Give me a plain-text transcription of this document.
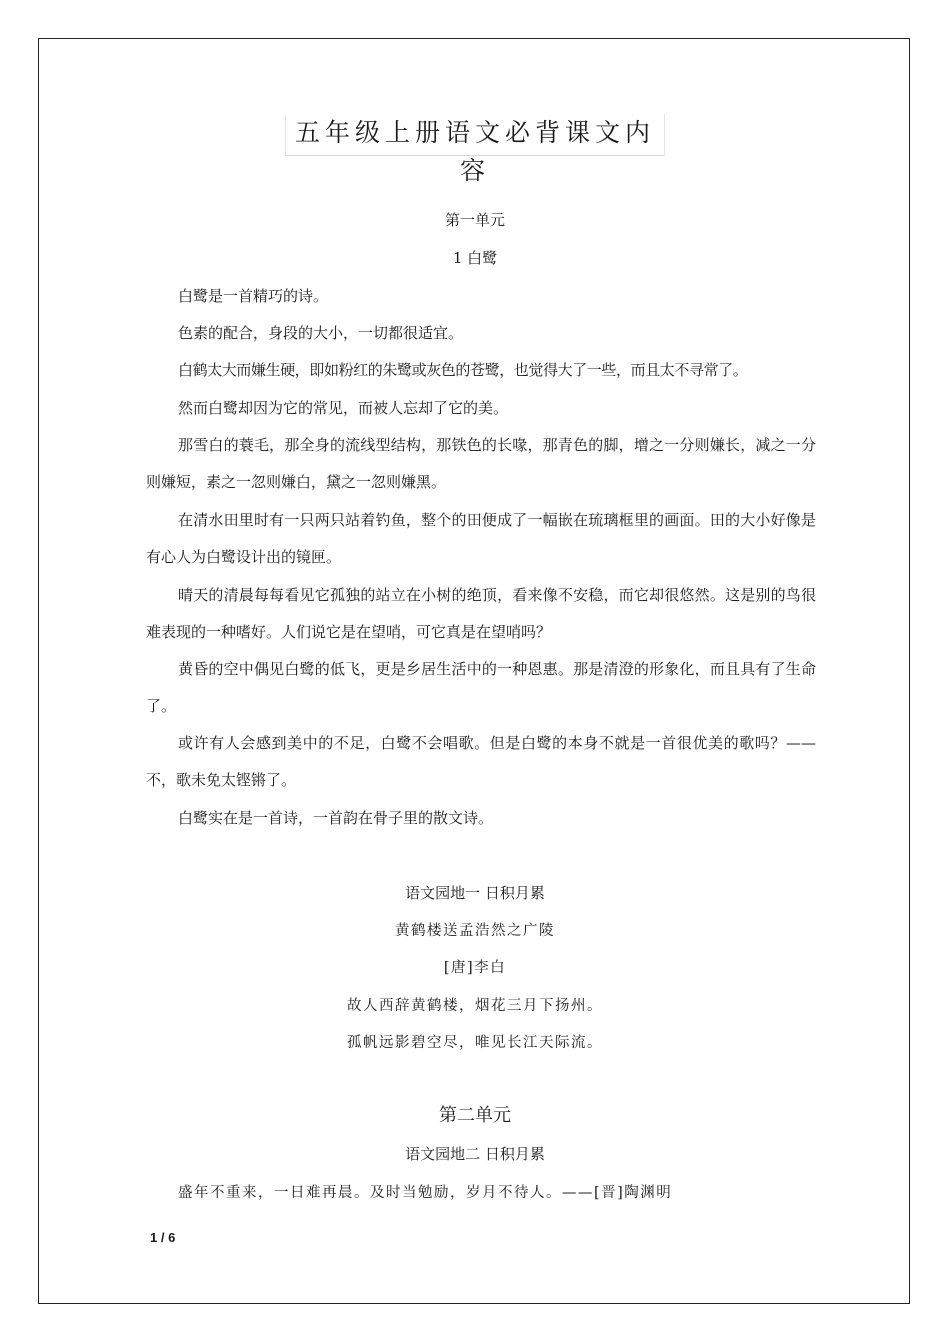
五年级上册语文必背课文内容
第一单元
1 白鹭

白鹭是一首精巧的诗。

色素的配合，身段的大小，一切都很适宜。

白鹤太大而嫌生硬，即如粉红的朱鹭或灰色的苍鹭，也觉得大了一些，而且太不寻常了。

然而白鹭却因为它的常见，而被人忘却了它的美。

那雪白的蓑毛，那全身的流线型结构，那铁色的长喙，那青色的脚，增之一分则嫌长，减之一分则嫌短，素之一忽则嫌白，黛之一忽则嫌黑。

在清水田里时有一只两只站着钓鱼，整个的田便成了一幅嵌在琉璃框里的画面。田的大小好像是有心人为白鹭设计出的镜匣。

晴天的清晨每每看见它孤独的站立在小树的绝顶，看来像不安稳，而它却很悠然。这是别的鸟很难表现的一种嗜好。人们说它是在望哨，可它真是在望哨吗？

黄昏的空中偶见白鹭的低飞，更是乡居生活中的一种恩惠。那是清澄的形象化，而且具有了生命了。

或许有人会感到美中的不足，白鹭不会唱歌。但是白鹭的本身不就是一首很优美的歌吗？——不，歌未免太铿锵了。

白鹭实在是一首诗，一首韵在骨子里的散文诗。

语文园地一 日积月累
黄鹤楼送孟浩然之广陵
[唐]李白
故人西辞黄鹤楼，烟花三月下扬州。
孤帆远影碧空尽，唯见长江天际流。
第二单元
语文园地二 日积月累
盛年不重来，一日难再晨。及时当勉励，岁月不待人。——[晋]陶渊明
1 / 6
